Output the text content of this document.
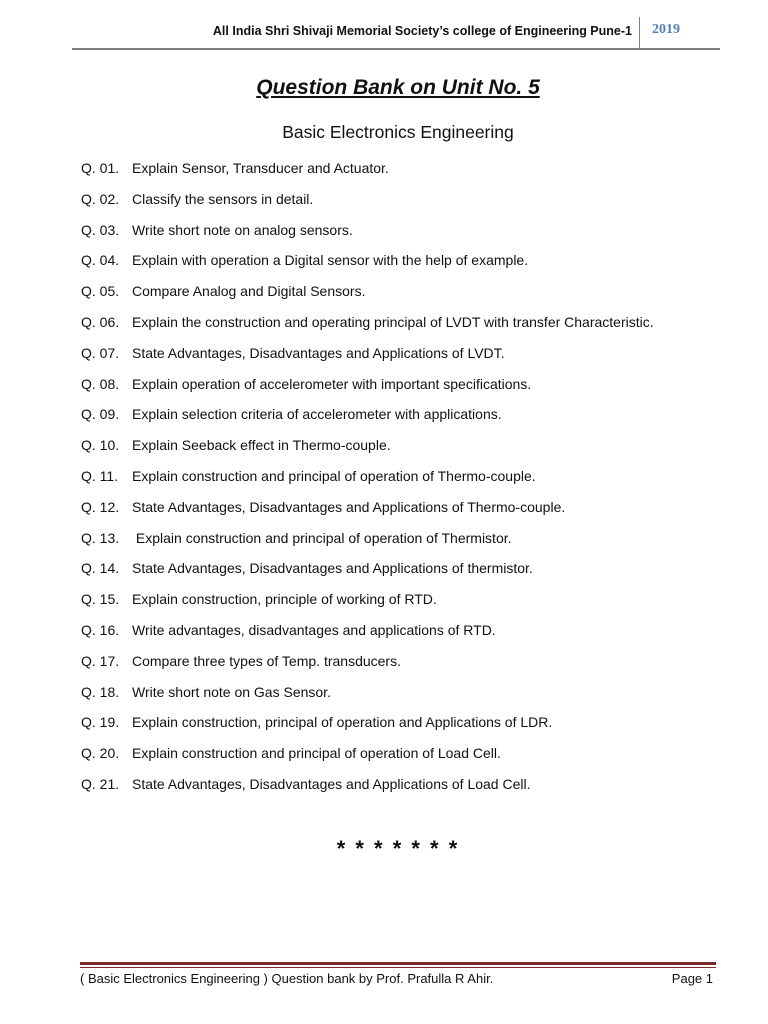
All India Shri Shivaji Memorial Society’s college of Engineering Pune-1 2019
Question Bank on Unit No. 5
Basic Electronics Engineering
Q. 01. Explain Sensor, Transducer and Actuator.
Q. 02. Classify the sensors in detail.
Q. 03. Write short note on analog sensors.
Q. 04. Explain with operation a Digital sensor with the help of example.
Q. 05. Compare Analog and Digital Sensors.
Q. 06. Explain the construction and operating principal of LVDT with transfer Characteristic.
Q. 07. State Advantages, Disadvantages and Applications of LVDT.
Q. 08. Explain operation of accelerometer with important specifications.
Q. 09. Explain selection criteria of accelerometer with applications.
Q. 10. Explain Seeback effect in Thermo-couple.
Q. 11. Explain construction and principal of operation of Thermo-couple.
Q. 12. State Advantages, Disadvantages and Applications of Thermo-couple.
Q. 13. Explain construction and principal of operation of Thermistor.
Q. 14. State Advantages, Disadvantages and Applications of thermistor.
Q. 15. Explain construction, principle of working of RTD.
Q. 16. Write advantages, disadvantages and applications of RTD.
Q. 17. Compare three types of Temp. transducers.
Q. 18. Write short note on Gas Sensor.
Q. 19. Explain construction, principal of operation and Applications of LDR.
Q. 20. Explain construction and principal of operation of Load Cell.
Q. 21. State Advantages, Disadvantages and Applications of Load Cell.
* * * * * * *
( Basic Electronics Engineering ) Question bank by Prof. Prafulla R Ahir.	Page 1
